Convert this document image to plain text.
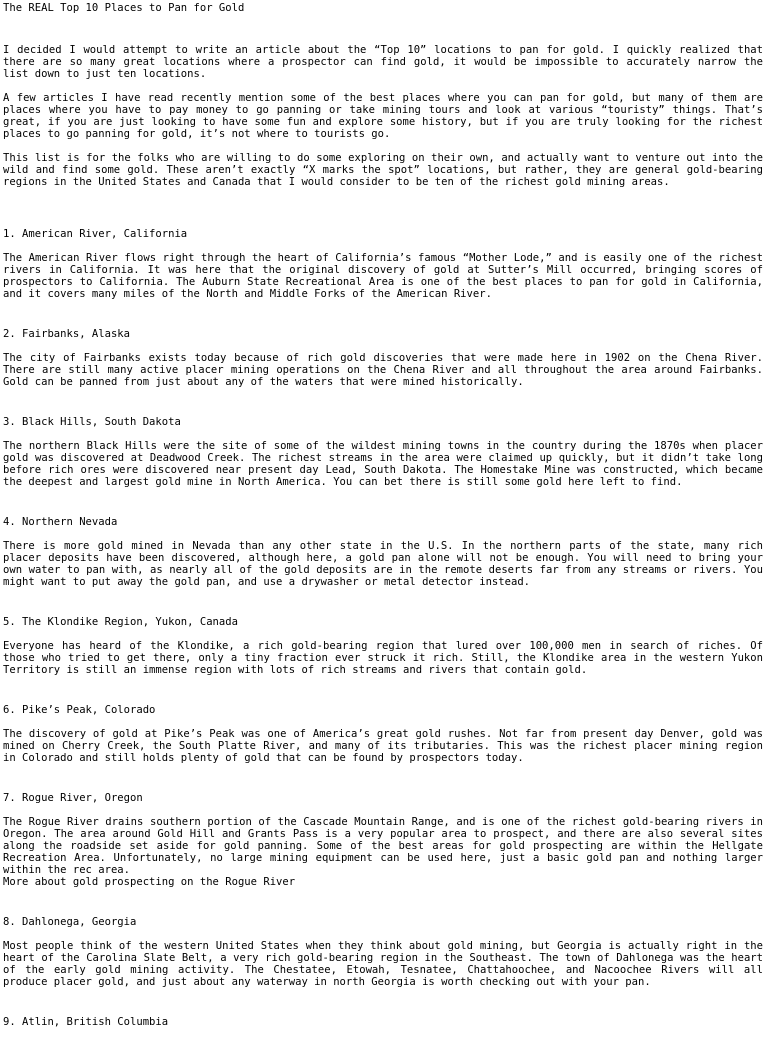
The REAL Top 10 Places to Pan for Gold

I decided I would attempt to write an article about the “Top 10” locations to pan for gold. I quickly realized that there are so many great locations where a prospector can find gold, it would be impossible to accurately narrow the list down to just ten locations.

A few articles I have read recently mention some of the best places where you can pan for gold, but many of them are places where you have to pay money to go panning or take mining tours and look at various “touristy” things. That’s great, if you are just looking to have some fun and explore some history, but if you are truly looking for the richest places to go panning for gold, it’s not where to tourists go.

This list is for the folks who are willing to do some exploring on their own, and actually want to venture out into the wild and find some gold. These aren’t exactly “X marks the spot” locations, but rather, they are general gold-bearing regions in the United States and Canada that I would consider to be ten of the richest gold mining areas.

1. American River, California

The American River flows right through the heart of California’s famous “Mother Lode,” and is easily one of the richest rivers in California. It was here that the original discovery of gold at Sutter’s Mill occurred, bringing scores of prospectors to California. The Auburn State Recreational Area is one of the best places to pan for gold in California, and it covers many miles of the North and Middle Forks of the American River.

2. Fairbanks, Alaska

The city of Fairbanks exists today because of rich gold discoveries that were made here in 1902 on the Chena River. There are still many active placer mining operations on the Chena River and all throughout the area around Fairbanks. Gold can be panned from just about any of the waters that were mined historically.

3. Black Hills, South Dakota

The northern Black Hills were the site of some of the wildest mining towns in the country during the 1870s when placer gold was discovered at Deadwood Creek. The richest streams in the area were claimed up quickly, but it didn’t take long before rich ores were discovered near present day Lead, South Dakota. The Homestake Mine was constructed, which became the deepest and largest gold mine in North America. You can bet there is still some gold here left to find.

4. Northern Nevada

There is more gold mined in Nevada than any other state in the U.S. In the northern parts of the state, many rich placer deposits have been discovered, although here, a gold pan alone will not be enough. You will need to bring your own water to pan with, as nearly all of the gold deposits are in the remote deserts far from any streams or rivers. You might want to put away the gold pan, and use a drywasher or metal detector instead.

5. The Klondike Region, Yukon, Canada

Everyone has heard of the Klondike, a rich gold-bearing region that lured over 100,000 men in search of riches. Of those who tried to get there, only a tiny fraction ever struck it rich. Still, the Klondike area in the western Yukon Territory is still an immense region with lots of rich streams and rivers that contain gold.

6. Pike’s Peak, Colorado

The discovery of gold at Pike’s Peak was one of America’s great gold rushes. Not far from present day Denver, gold was mined on Cherry Creek, the South Platte River, and many of its tributaries. This was the richest placer mining region in Colorado and still holds plenty of gold that can be found by prospectors today.

7. Rogue River, Oregon

The Rogue River drains southern portion of the Cascade Mountain Range, and is one of the richest gold-bearing rivers in Oregon. The area around Gold Hill and Grants Pass is a very popular area to prospect, and there are also several sites along the roadside set aside for gold panning. Some of the best areas for gold prospecting are within the Hellgate Recreation Area. Unfortunately, no large mining equipment can be used here, just a basic gold pan and nothing larger within the rec area.

More about gold prospecting on the Rogue River
8. Dahlonega, Georgia

Most people think of the western United States when they think about gold mining, but Georgia is actually right in the heart of the Carolina Slate Belt, a very rich gold-bearing region in the Southeast. The town of Dahlonega was the heart of the early gold mining activity. The Chestatee, Etowah, Tesnatee, Chattahoochee, and Nacoochee Rivers will all produce placer gold, and just about any waterway in north Georgia is worth checking out with your pan.

9. Atlin, British Columbia
